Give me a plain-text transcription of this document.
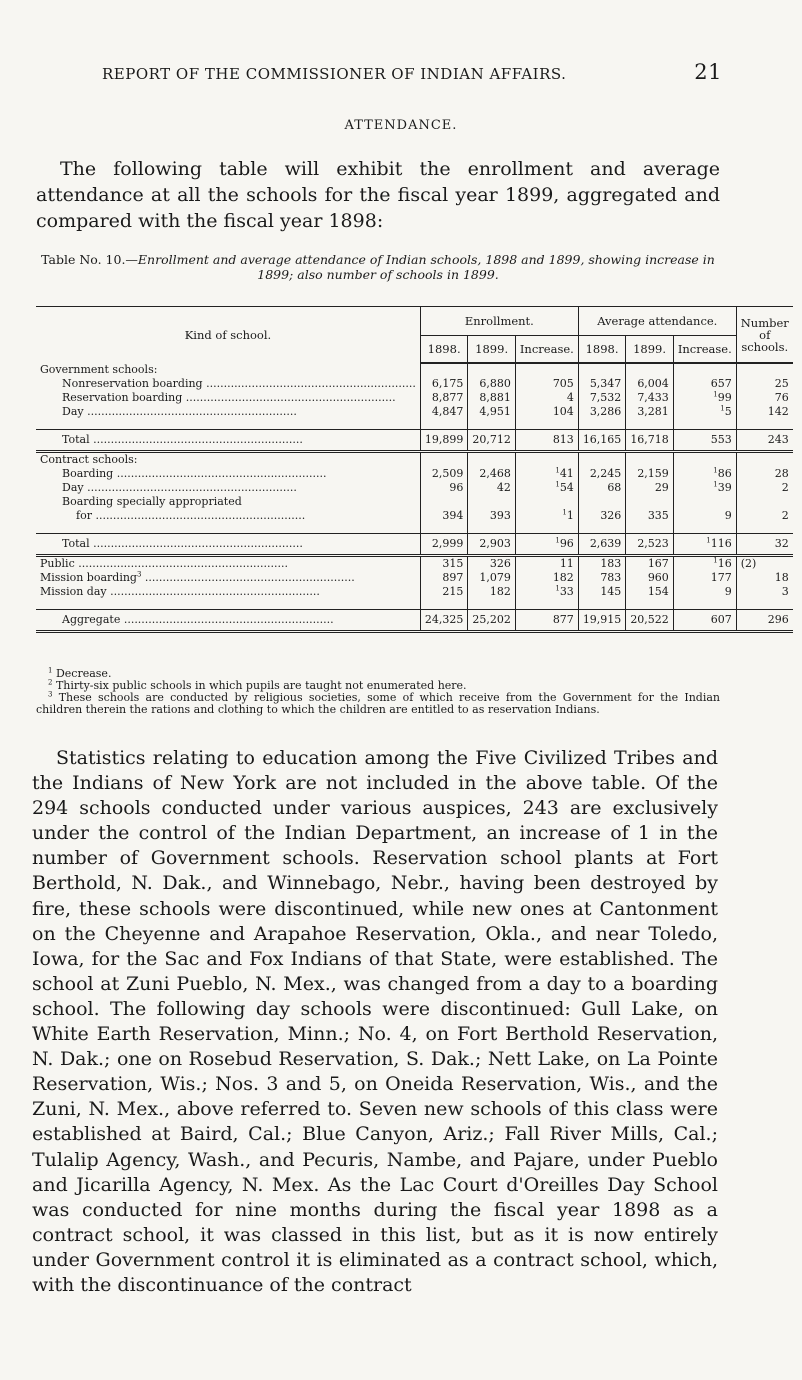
REPORT OF THE COMMISSIONER OF INDIAN AFFAIRS.	21
ATTENDANCE.

The following table will exhibit the enrollment and average attendance at all the schools for the fiscal year 1899, aggregated and compared with the fiscal year 1898:

Table No. 10.—Enrollment and average attendance of Indian schools, 1898 and 1899, showing increase in 1899; also number of schools in 1899.
Kind of school.	Enrollment.			Average attendance.			Number of schools.
	1898.	1899.	Increase.	1898.	1899.	Increase.	
Government schools:							
Nonreservation boarding .....	6,175	6,880	705	5,347	6,004	657	25
Reservation boarding .....	8,877	8,881	4	7,532	7,433	$^1$99	76
Day .....	4,847	4,951	104	3,286	3,281	$^1$5	142

Total .....	19,899	20,712	813	16,165	16,718	553	243
Contract schools:							
Boarding .....	2,509	2,468	$^1$41	2,245	2,159	$^1$86	28
Day .....	96	42	$^1$54	68	29	$^1$39	2
Boarding specially appropriated							
for .....	394	393	$^1$1	326	335	9	2

Total .....	2,999	2,903	$^1$96	2,639	2,523	$^1$116	32
Public .....	315	326	11	183	167	$^1$16	(2)
Mission boarding$^3$ .....	897	1,079	182	783	960	177	18
Mission day .....	215	182	$^1$33	145	154	9	3

Aggregate .....	24,325	25,202	877	19,915	20,522	607	296

$^1$ Decrease.

$^2$ Thirty-six public schools in which pupils are taught not enumerated here.

$^3$ These schools are conducted by religious societies, some of which receive from the Government for the Indian children therein the rations and clothing to which the children are entitled to as reservation Indians.

Statistics relating to education among the Five Civilized Tribes and the Indians of New York are not included in the above table. Of the 294 schools conducted under various auspices, 243 are exclusively under the control of the Indian Department, an increase of 1 in the number of Government schools. Reservation school plants at Fort Berthold, N. Dak., and Winnebago, Nebr., having been destroyed by fire, these schools were discontinued, while new ones at Cantonment on the Cheyenne and Arapahoe Reservation, Okla., and near Toledo, Iowa, for the Sac and Fox Indians of that State, were established. The school at Zuni Pueblo, N. Mex., was changed from a day to a boarding school. The following day schools were discontinued: Gull Lake, on White Earth Reservation, Minn.; No. 4, on Fort Berthold Reservation, N. Dak.; one on Rosebud Reservation, S. Dak.; Nett Lake, on La Pointe Reservation, Wis.; Nos. 3 and 5, on Oneida Reservation, Wis., and the Zuni, N. Mex., above referred to. Seven new schools of this class were established at Baird, Cal.; Blue Canyon, Ariz.; Fall River Mills, Cal.; Tulalip Agency, Wash., and Pecuris, Nambe, and Pajare, under Pueblo and Jicarilla Agency, N. Mex. As the Lac Court d'Oreilles Day School was conducted for nine months during the fiscal year 1898 as a contract school, it was classed in this list, but as it is now entirely under Government control it is eliminated as a contract school, which, with the discontinuance of the contract
